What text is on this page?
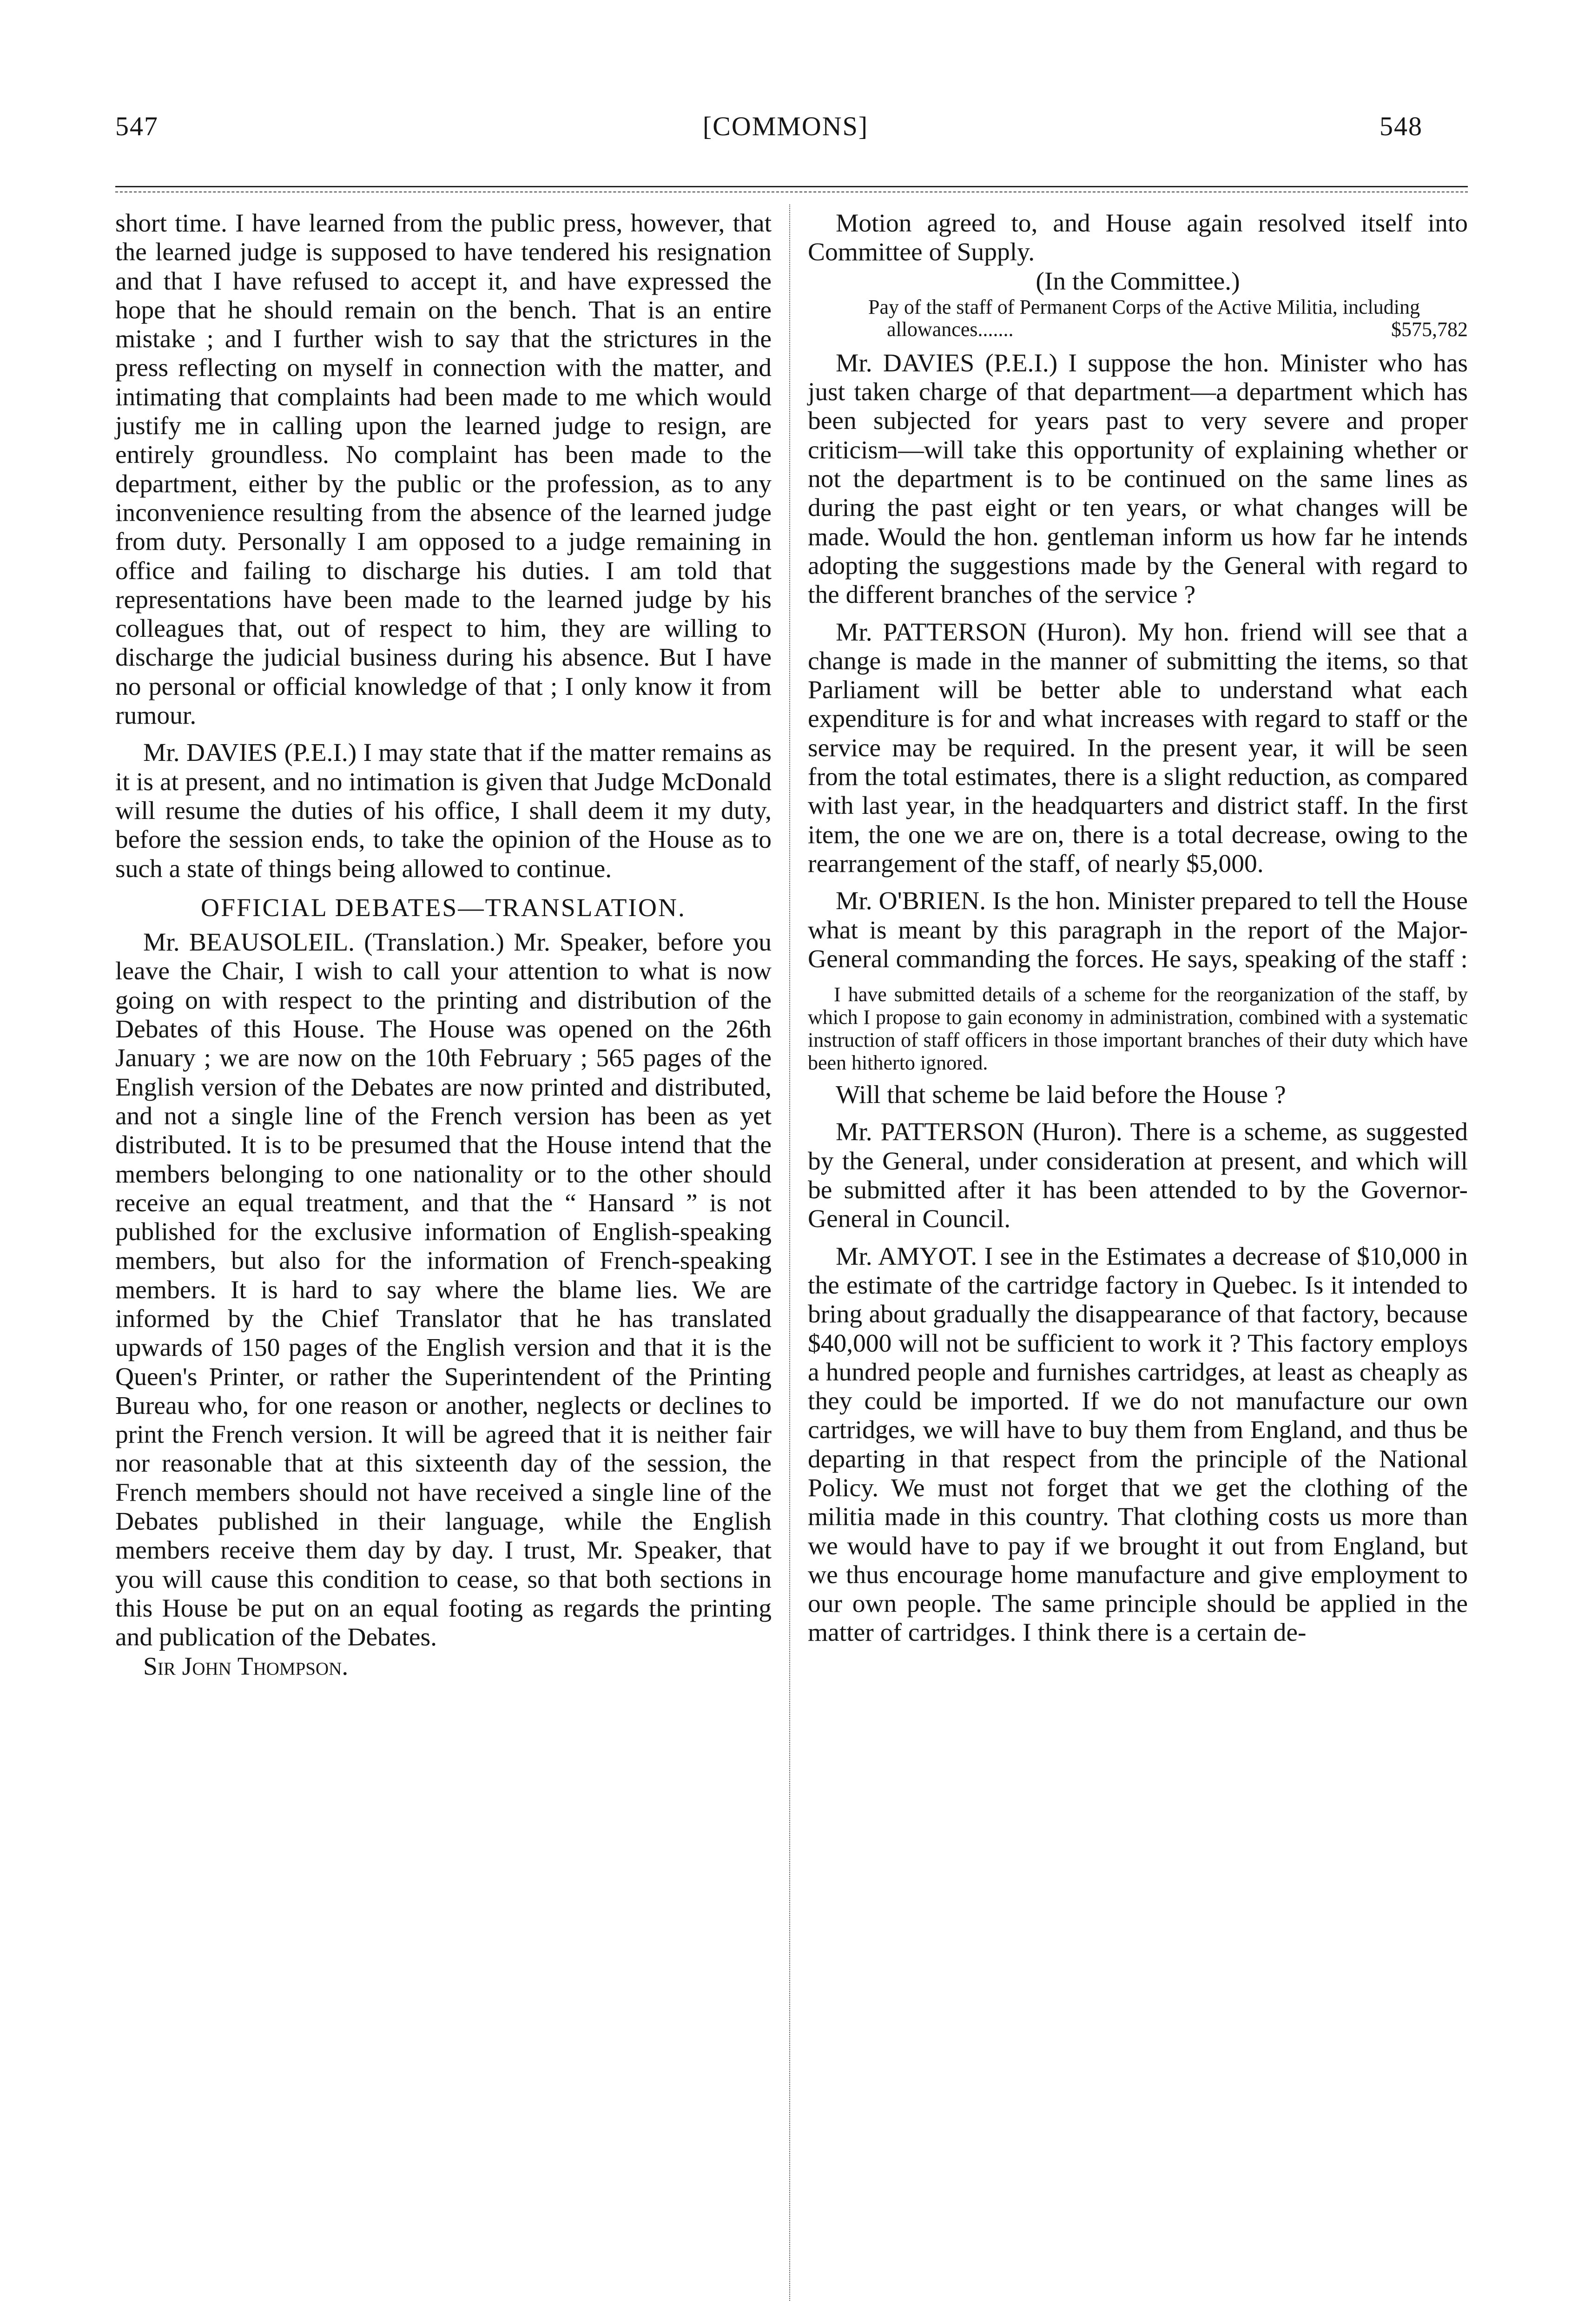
547	[COMMONS]	548

short time. I have learned from the public press, however, that the learned judge is supposed to have tendered his resignation and that I have refused to accept it, and have expressed the hope that he should remain on the bench. That is an entire mistake ; and I further wish to say that the strictures in the press reflecting on myself in connection with the matter, and intimating that complaints had been made to me which would justify me in calling upon the learned judge to resign, are entirely groundless. No complaint has been made to the department, either by the public or the profession, as to any inconvenience resulting from the absence of the learned judge from duty. Personally I am opposed to a judge remaining in office and failing to discharge his duties. I am told that representations have been made to the learned judge by his colleagues that, out of respect to him, they are willing to discharge the judicial business during his absence. But I have no personal or official knowledge of that ; I only know it from rumour.

Mr. DAVIES (P.E.I.) I may state that if the matter remains as it is at present, and no intimation is given that Judge McDonald will resume the duties of his office, I shall deem it my duty, before the session ends, to take the opinion of the House as to such a state of things being allowed to continue.

OFFICIAL DEBATES—TRANSLATION.

Mr. BEAUSOLEIL. (Translation.) Mr. Speaker, before you leave the Chair, I wish to call your attention to what is now going on with respect to the printing and distribution of the Debates of this House. The House was opened on the 26th January ; we are now on the 10th February ; 565 pages of the English version of the Debates are now printed and distributed, and not a single line of the French version has been as yet distributed. It is to be presumed that the House intend that the members belonging to one nationality or to the other should receive an equal treatment, and that the “ Hansard ” is not published for the exclusive information of English-speaking members, but also for the information of French-speaking members. It is hard to say where the blame lies. We are informed by the Chief Translator that he has translated upwards of 150 pages of the English version and that it is the Queen's Printer, or rather the Superintendent of the Printing Bureau who, for one reason or another, neglects or declines to print the French version. It will be agreed that it is neither fair nor reasonable that at this sixteenth day of the session, the French members should not have received a single line of the Debates published in their language, while the English members receive them day by day. I trust, Mr. Speaker, that you will cause this condition to cease, so that both sections in this House be put on an equal footing as regards the printing and publication of the Debates.

Sir John Thompson.

Motion agreed to, and House again resolved itself into Committee of Supply.

(In the Committee.)

Pay of the staff of Permanent Corps of the Active Militia, including allowances.......	$575,782

Mr. DAVIES (P.E.I.) I suppose the hon. Minister who has just taken charge of that department—a department which has been subjected for years past to very severe and proper criticism—will take this opportunity of explaining whether or not the department is to be continued on the same lines as during the past eight or ten years, or what changes will be made. Would the hon. gentleman inform us how far he intends adopting the suggestions made by the General with regard to the different branches of the service ?

Mr. PATTERSON (Huron). My hon. friend will see that a change is made in the manner of submitting the items, so that Parliament will be better able to understand what each expenditure is for and what increases with regard to staff or the service may be required. In the present year, it will be seen from the total estimates, there is a slight reduction, as compared with last year, in the headquarters and district staff. In the first item, the one we are on, there is a total decrease, owing to the rearrangement of the staff, of nearly $5,000.

Mr. O'BRIEN. Is the hon. Minister prepared to tell the House what is meant by this paragraph in the report of the Major-General commanding the forces. He says, speaking of the staff :

I have submitted details of a scheme for the reorganization of the staff, by which I propose to gain economy in administration, combined with a systematic instruction of staff officers in those important branches of their duty which have been hitherto ignored.

Will that scheme be laid before the House ?

Mr. PATTERSON (Huron). There is a scheme, as suggested by the General, under consideration at present, and which will be submitted after it has been attended to by the Governor-General in Council.

Mr. AMYOT. I see in the Estimates a decrease of $10,000 in the estimate of the cartridge factory in Quebec. Is it intended to bring about gradually the disappearance of that factory, because $40,000 will not be sufficient to work it ? This factory employs a hundred people and furnishes cartridges, at least as cheaply as they could be imported. If we do not manufacture our own cartridges, we will have to buy them from England, and thus be departing in that respect from the principle of the National Policy. We must not forget that we get the clothing of the militia made in this country. That clothing costs us more than we would have to pay if we brought it out from England, but we thus encourage home manufacture and give employment to our own people. The same principle should be applied in the matter of cartridges. I think there is a certain de-
